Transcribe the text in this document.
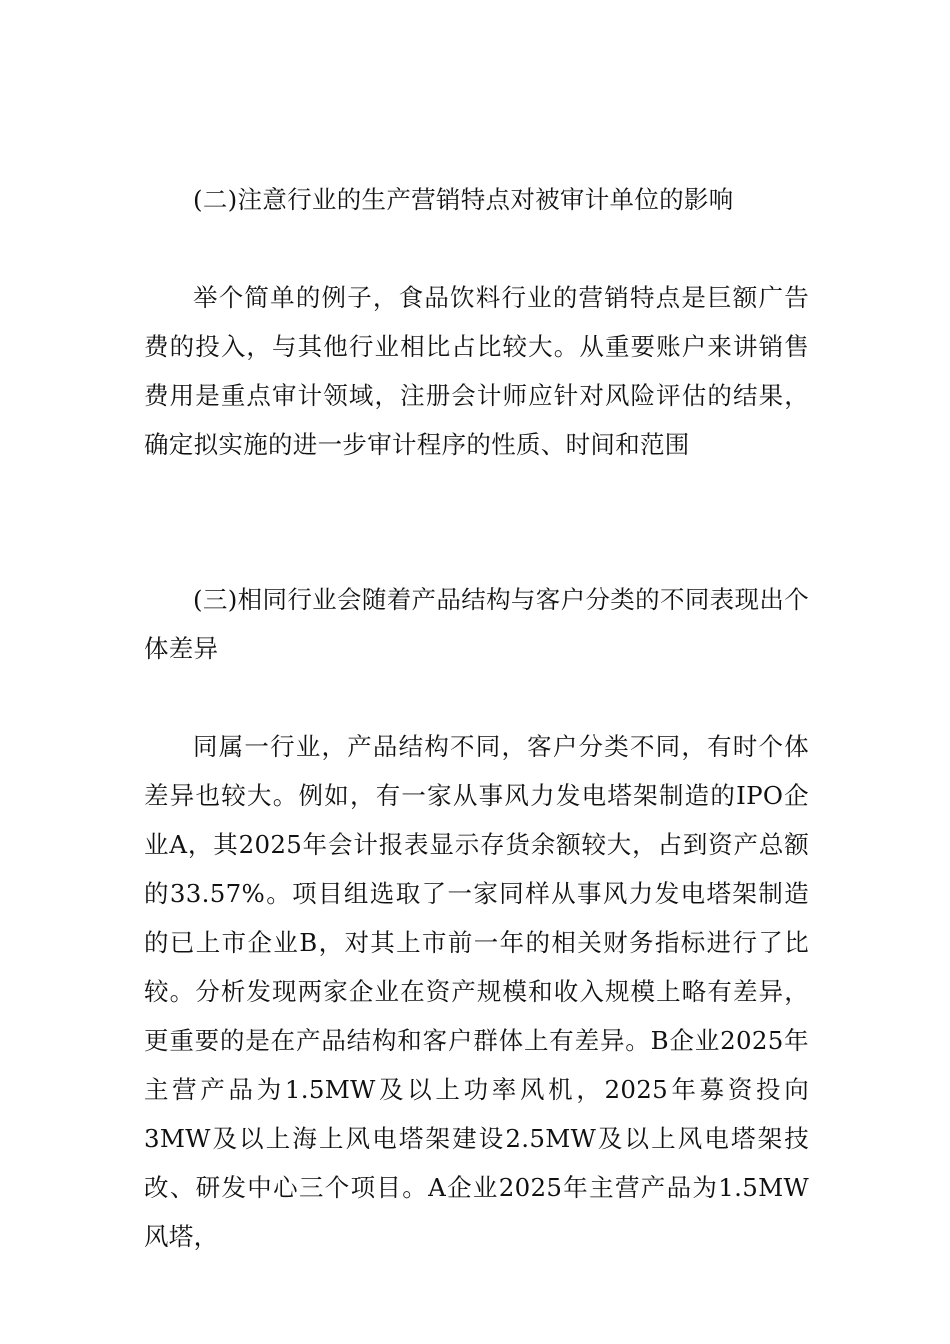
(二)注意行业的生产营销特点对被审计单位的影响

举个简单的例子，食品饮料行业的营销特点是巨额广告费的投入，与其他行业相比占比较大。从重要账户来讲销售费用是重点审计领域，注册会计师应针对风险评估的结果，确定拟实施的进一步审计程序的性质、时间和范围

(三)相同行业会随着产品结构与客户分类的不同表现出个体差异

同属一行业，产品结构不同，客户分类不同，有时个体差异也较大。例如，有一家从事风力发电塔架制造的IPO企业A，其2025年会计报表显示存货余额较大，占到资产总额的33.57%。项目组选取了一家同样从事风力发电塔架制造的已上市企业B，对其上市前一年的相关财务指标进行了比较。分析发现两家企业在资产规模和收入规模上略有差异，更重要的是在产品结构和客户群体上有差异。B企业2025年主营产品为1.5MW及以上功率风机，2025年募资投向3MW及以上海上风电塔架建设2.5MW及以上风电塔架技改、研发中心三个项目。A企业2025年主营产品为1.5MW风塔，
